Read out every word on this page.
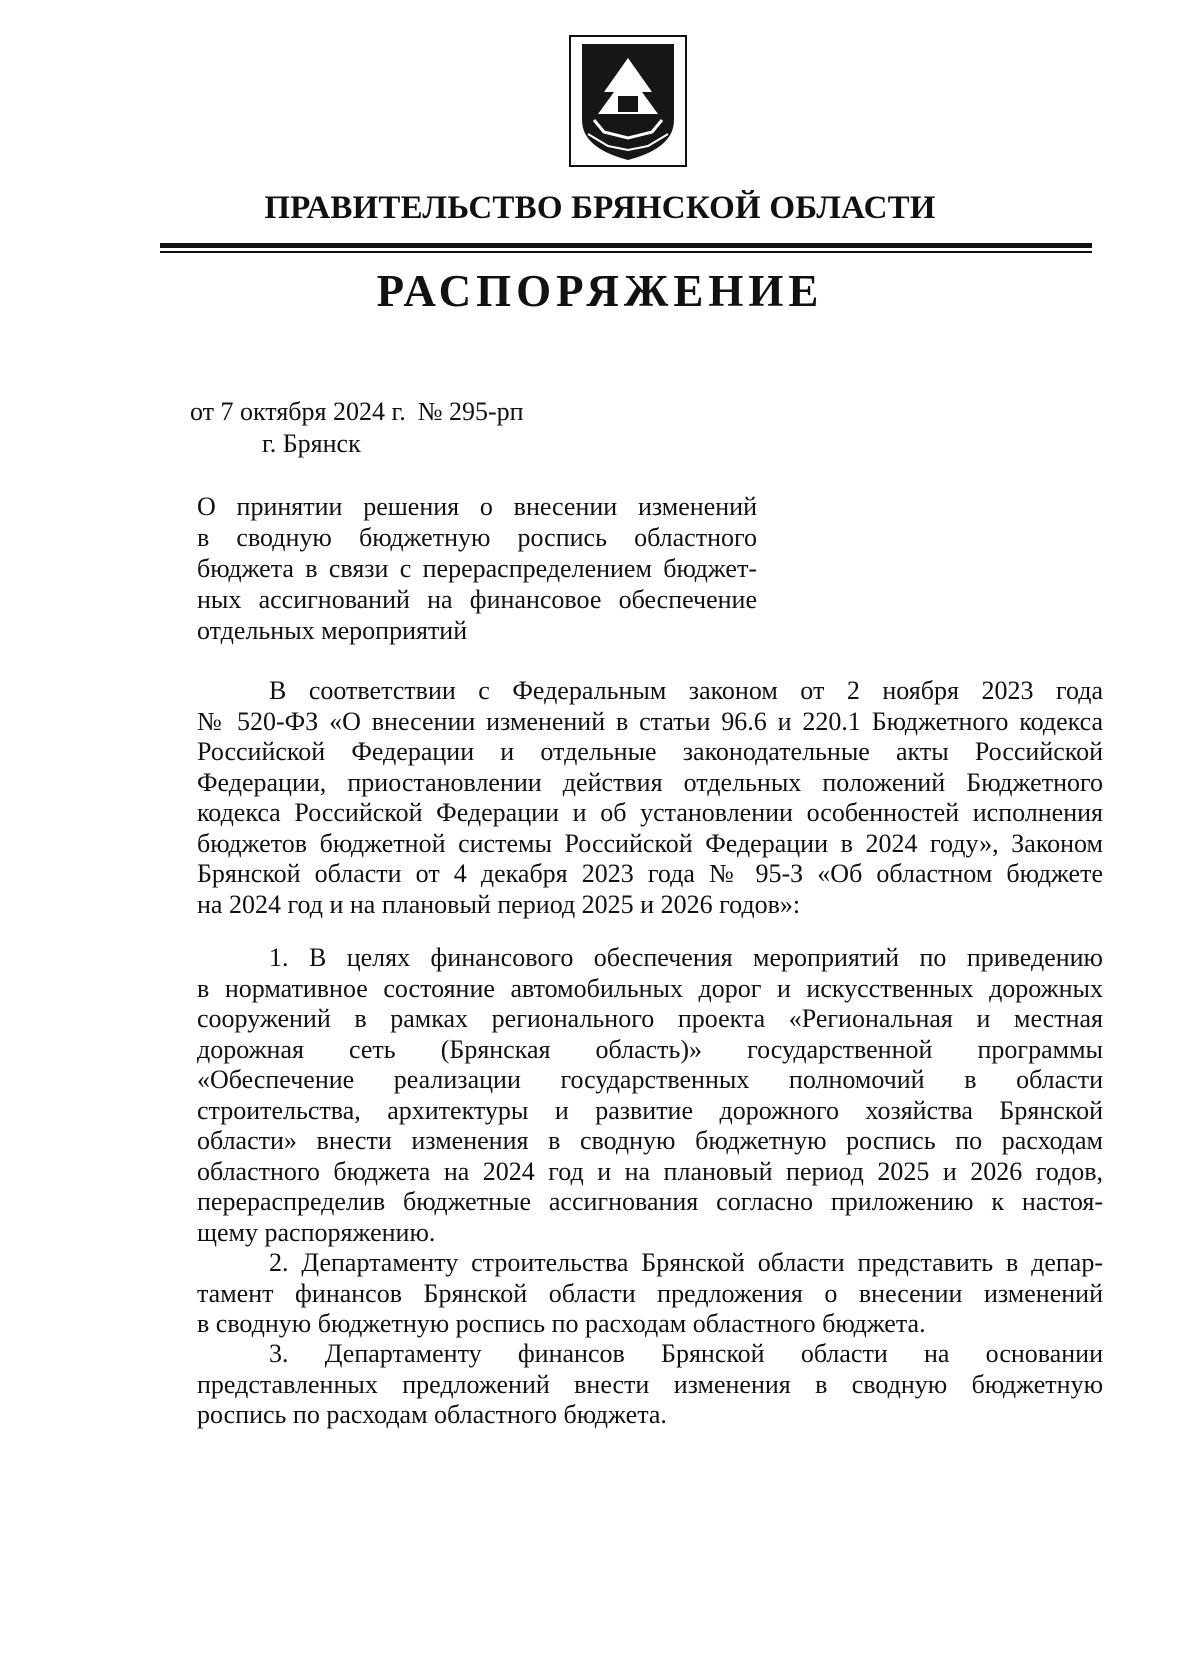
ПРАВИТЕЛЬСТВО БРЯНСКОЙ ОБЛАСТИ
РАСПОРЯЖЕНИЕ
от 7 октября 2024 г. № 295-рп
г. Брянск
О принятии решения о внесении изменений
в сводную бюджетную роспись областного
бюджета в связи с перераспределением бюджет-
ных ассигнований на финансовое обеспечение
отдельных мероприятий
В соответствии с Федеральным законом от 2 ноября 2023 года
№ 520-ФЗ «О внесении изменений в статьи 96.6 и 220.1 Бюджетного кодекса
Российской Федерации и отдельные законодательные акты Российской
Федерации, приостановлении действия отдельных положений Бюджетного
кодекса Российской Федерации и об установлении особенностей исполнения
бюджетов бюджетной системы Российской Федерации в 2024 году», Законом
Брянской области от 4 декабря 2023 года № 95-З «Об областном бюджете
на 2024 год и на плановый период 2025 и 2026 годов»:
1. В целях финансового обеспечения мероприятий по приведению
в нормативное состояние автомобильных дорог и искусственных дорожных
сооружений в рамках регионального проекта «Региональная и местная
дорожная сеть (Брянская область)» государственной программы
«Обеспечение реализации государственных полномочий в области
строительства, архитектуры и развитие дорожного хозяйства Брянской
области» внести изменения в сводную бюджетную роспись по расходам
областного бюджета на 2024 год и на плановый период 2025 и 2026 годов,
перераспределив бюджетные ассигнования согласно приложению к настоя-
щему распоряжению.
2. Департаменту строительства Брянской области представить в депар-
тамент финансов Брянской области предложения о внесении изменений
в сводную бюджетную роспись по расходам областного бюджета.
3. Департаменту финансов Брянской области на основании
представленных предложений внести изменения в сводную бюджетную
роспись по расходам областного бюджета.
